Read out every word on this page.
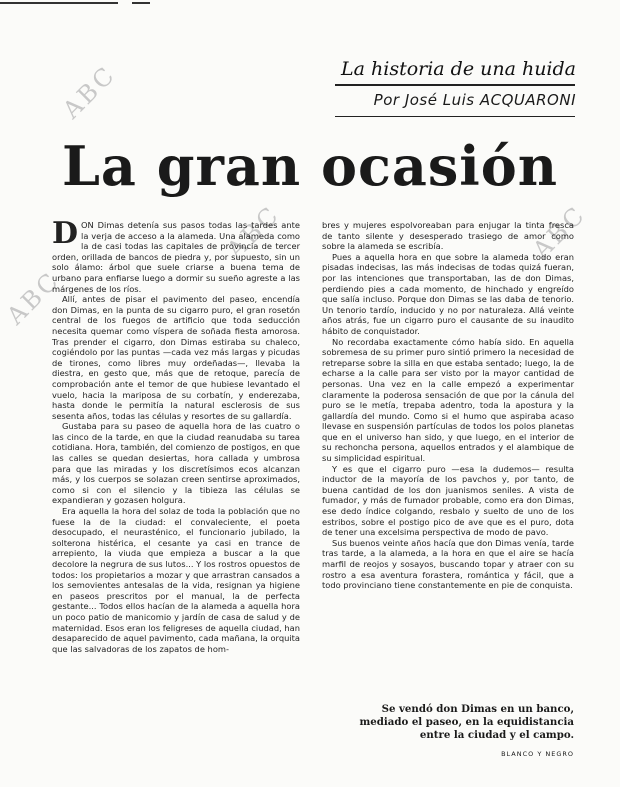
ABC
ABC	ABC
ABC
La historia de una huida
Por José Luis ACQUARONI
La gran ocasión

DON Dimas detenía sus pasos todas las tardes ante la verja de acceso a la alameda. Una alameda como la de casi todas las capitales de provincia de tercer orden, orillada de bancos de piedra y, por supuesto, sin un solo álamo: árbol que suele criarse a buena tema de urbano para enfiarse luego a dormir su sueño agreste a las márgenes de los ríos.

Allí, antes de pisar el pavimento del paseo, encendía don Dimas, en la punta de su cigarro puro, el gran rosetón central de los fuegos de artificio que toda seducción necesita quemar como víspera de soñada fiesta amorosa. Tras prender el cigarro, don Dimas estiraba su chaleco, cogiéndolo por las puntas —cada vez más largas y picudas de tirones, como libres muy ordeñadas—, llevaba la diestra, en gesto que, más que de retoque, parecía de comprobación ante el temor de que hubiese levantado el vuelo, hacia la mariposa de su corbatín, y enderezaba, hasta donde le permitía la natural esclerosis de sus sesenta años, todas las células y resortes de su gallardía.

Gustaba para su paseo de aquella hora de las cuatro o las cinco de la tarde, en que la ciudad reanudaba su tarea cotidiana. Hora, también, del comienzo de postigos, en que las calles se quedan desiertas, hora callada y umbrosa para que las miradas y los discretísimos ecos alcanzan más, y los cuerpos se solazan creen sentirse aproximados, como si con el silencio y la tibieza las células se expandieran y gozasen holgura.

Era aquella la hora del solaz de toda la población que no fuese la de la ciudad: el convaleciente, el poeta desocupado, el neurasténico, el funcionario jubilado, la solterona histérica, el cesante ya casi en trance de arrepiento, la viuda que empieza a buscar a la que decolore la negrura de sus lutos... Y los rostros opuestos de todos: los propietarios a mozar y que arrastran cansados a los semovientes antesalas de la vida, resignan ya higiene en paseos prescritos por el manual, la de perfecta gestante... Todos ellos hacían de la alameda a aquella hora un poco patio de manicomio y jardín de casa de salud y de maternidad. Esos eran los feligreses de aquella ciudad, han desaparecido de aquel pavimento, cada mañana, la orquita que las salvadoras de los zapatos de hom-

bres y mujeres espolvoreaban para enjugar la tinta fresca de tanto silente y desesperado trasiego de amor como sobre la alameda se escribía.

Pues a aquella hora en que sobre la alameda todo eran pisadas indecisas, las más indecisas de todas quizá fueran, por las intenciones que transportaban, las de don Dimas, perdiendo pies a cada momento, de hinchado y engreído que salía incluso. Porque don Dimas se las daba de tenorio. Un tenorio tardío, inducido y no por naturaleza. Allá veinte años atrás, fue un cigarro puro el causante de su inaudito hábito de conquistador.

No recordaba exactamente cómo había sido. En aquella sobremesa de su primer puro sintió primero la necesidad de retreparse sobre la silla en que estaba sentado; luego, la de echarse a la calle para ser visto por la mayor cantidad de personas. Una vez en la calle empezó a experimentar claramente la poderosa sensación de que por la cánula del puro se le metía, trepaba adentro, toda la apostura y la gallardía del mundo. Como si el humo que aspiraba acaso llevase en suspensión partículas de todos los polos planetas que en el universo han sido, y que luego, en el interior de su rechoncha persona, aquellos entrados y el alambique de su simplicidad espiritual.

Y es que el cigarro puro —esa la dudemos— resulta inductor de la mayoría de los pavchos y, por tanto, de buena cantidad de los don juanismos seniles. A vista de fumador, y más de fumador probable, como era don Dimas, ese dedo índice colgando, resbalo y suelto de uno de los estribos, sobre el postigo pico de ave que es el puro, dota de tener una excelsima perspectiva de modo de pavo.

Sus buenos veinte años hacía que don Dimas venía, tarde tras tarde, a la alameda, a la hora en que el aire se hacía marfil de reojos y sosayos, buscando topar y atraer con su rostro a esa aventura forastera, romántica y fácil, que a todo provinciano tiene constantemente en pie de conquista.

Se vendó don Dimas en un banco, mediado el paseo, en la equidistancia entre la ciudad y el campo.
BLANCO Y NEGRO
